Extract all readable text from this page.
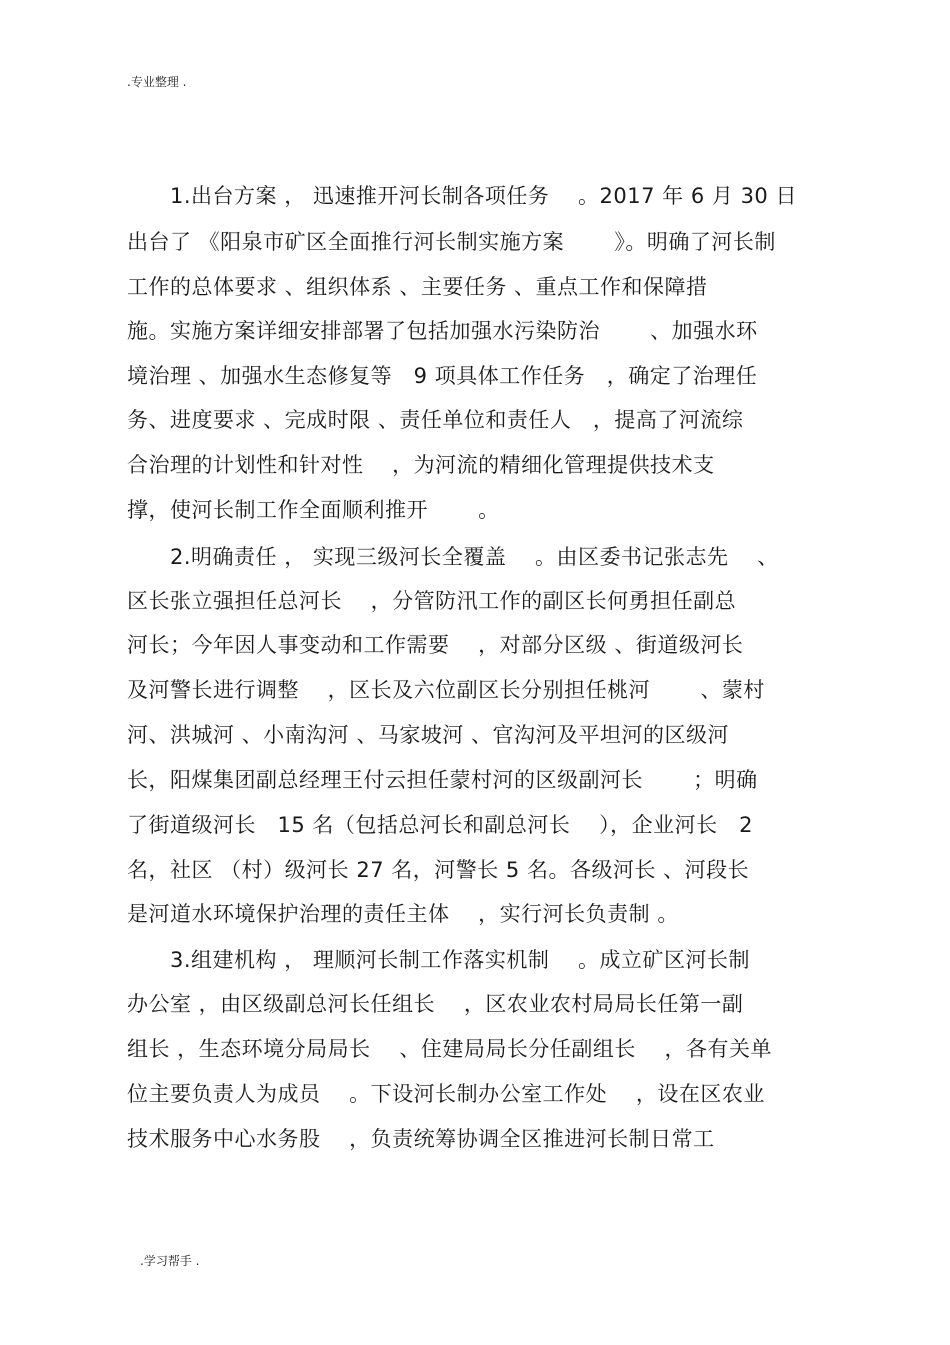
.专业整理 .
　　1.出台方案 ， 迅速推开河长制各项任务　 。2017 年 6 月 30 日
出台了 《阳泉市矿区全面推行河长制实施方案　　 》。明确了河长制
工作的总体要求 、组织体系 、主要任务 、重点工作和保障措
施。实施方案详细安排部署了包括加强水污染防治　　 、加强水环
境治理 、加强水生态修复等　9 项具体工作任务　，确定了治理任
务、进度要求 、完成时限 、责任单位和责任人　，提高了河流综
合治理的计划性和针对性　 ，为河流的精细化管理提供技术支
撑，使河长制工作全面顺利推开　　 。
　　2.明确责任 ， 实现三级河长全覆盖　 。由区委书记张志先　 、
区长张立强担任总河长　 ，分管防汛工作的副区长何勇担任副总
河长；今年因人事变动和工作需要　 ，对部分区级 、街道级河长
及河警长进行调整　 ，区长及六位副区长分别担任桃河　　 、蒙村
河、洪城河 、小南沟河 、马家坡河 、官沟河及平坦河的区级河
长，阳煤集团副总经理王付云担任蒙村河的区级副河长　　 ；明确
了街道级河长　15 名（包括总河长和副总河长　 ），企业河长　2
名，社区 （村）级河长 27 名，河警长 5 名。各级河长 、河段长
是河道水环境保护治理的责任主体　 ，实行河长负责制 。
　　3.组建机构 ， 理顺河长制工作落实机制　 。成立矿区河长制
办公室 ，由区级副总河长任组长　 ，区农业农村局局长任第一副
组长 ，生态环境分局局长　 、住建局局长分任副组长　 ，各有关单
位主要负责人为成员　 。下设河长制办公室工作处　 ，设在区农业
技术服务中心水务股　 ，负责统筹协调全区推进河长制日常工
.学习帮手 .
